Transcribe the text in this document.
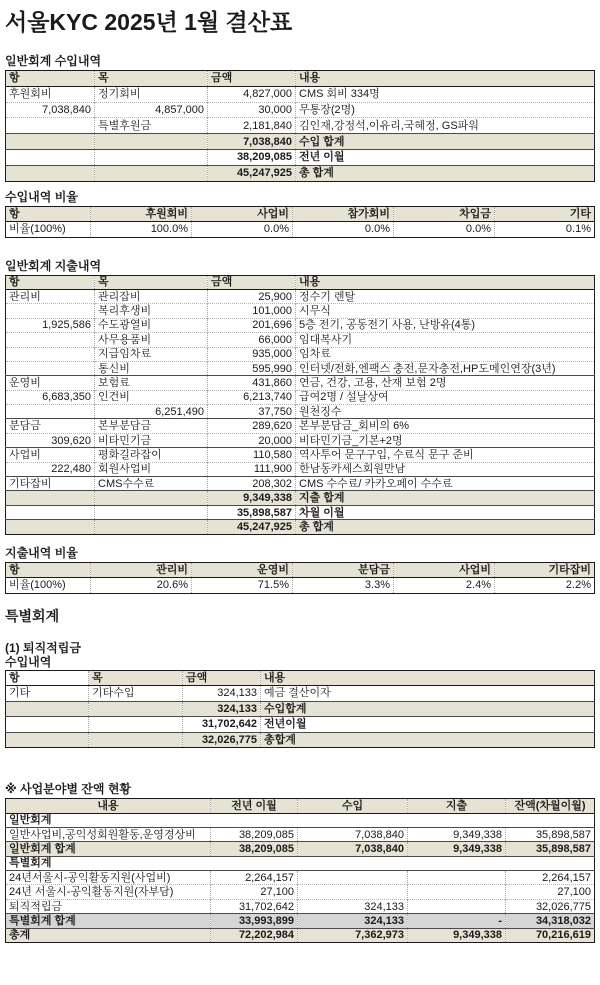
서울KYC 2025년 1월 결산표
일반회계 수입내역
항	목	금액	내용
후원회비	정기회비	4,827,000	CMS 회비 334명
7,038,840	4,857,000	30,000	무통장(2명)
	특별후원금	2,181,840	김인재,강정석,이유리,국혜정, GS파워
		7,038,840	수입 합계
		38,209,085	전년 이월
		45,247,925	총 합계
수입내역 비율
항	후원회비	사업비	참가회비	차입금	기타
비율(100%)	100.0%	0.0%	0.0%	0.0%	0.1%
일반회계 지출내역
항	목	금액	내용
관리비	관리잡비	25,900	정수기 렌탈
	복리후생비	101,000	시무식
1,925,586	수도광열비	201,696	5층 전기, 공동전기 사용, 난방유(4통)
	사무용품비	66,000	임대복사기
	지급임차료	935,000	임차료
	통신비	595,990	인터넷/전화,엔팩스 충전,문자충전,HP도메인연장(3년)
운영비	보험료	431,860	연금, 건강, 고용, 산재 보험 2명
6,683,350	인건비	6,213,740	급여2명 / 설날상여
	6,251,490	37,750	원천징수
분담금	본부분담금	289,620	본부분담금_회비의 6%
309,620	비타민기금	20,000	비타민기금_기본+2명
사업비	평화길라잡이	110,580	역사투어 문구구입, 수료식 문구 준비
222,480	회원사업비	111,900	한남동카세스회원만남
기타잡비	CMS수수료	208,302	CMS 수수료/ 카카오페이 수수료
		9,349,338	지출 합계
		35,898,587	차월 이월
		45,247,925	총 합계
지출내역 비율
항	관리비	운영비	분담금	사업비	기타잡비
비율(100%)	20.6%	71.5%	3.3%	2.4%	2.2%
특별회계
(1) 퇴직적립금
수입내역
항	목	금액	내용
기타	기타수입	324,133	예금 결산이자
		324,133	수입합계
		31,702,642	전년이월
		32,026,775	총합계
※ 사업분야별 잔액 현황
내용	전년 이월	수입	지출	잔액(차월이월)
일반회계				
일반사업비,공익성회원활동,운영경상비	38,209,085	7,038,840	9,349,338	35,898,587
일반회계 합계	38,209,085	7,038,840	9,349,338	35,898,587
특별회계				
24년서울시-공익활동지원(사업비)	2,264,157			2,264,157
24년 서울시-공익활동지원(자부담)	27,100			27,100
퇴직적립금	31,702,642	324,133		32,026,775
특별회계 합계	33,993,899	324,133	-	34,318,032
총계	72,202,984	7,362,973	9,349,338	70,216,619
